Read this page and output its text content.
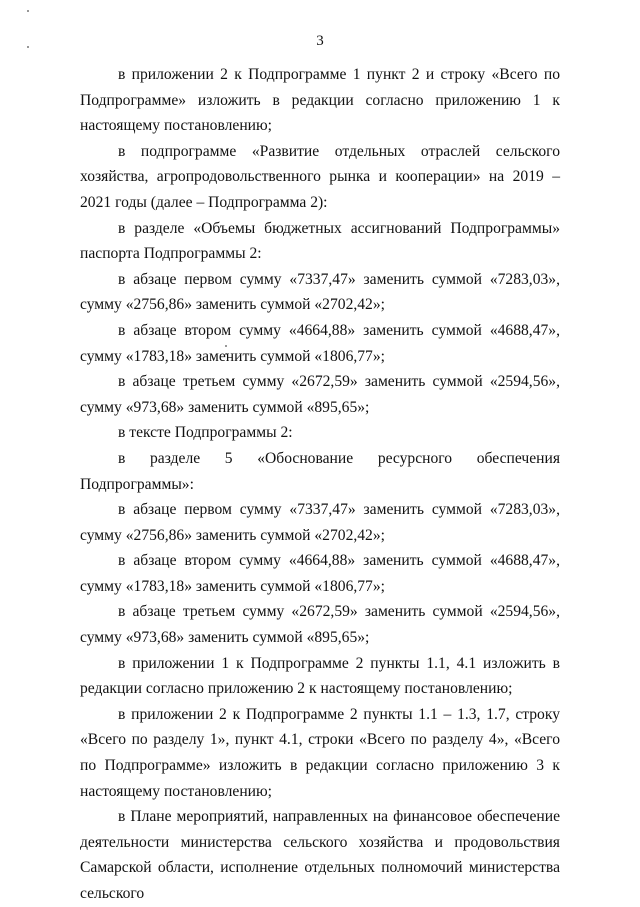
3

в приложении 2 к Подпрограмме 1 пункт 2 и строку «Всего по Подпрограмме» изложить в редакции согласно приложению 1 к настоящему постановлению;

в подпрограмме «Развитие отдельных отраслей сельского хозяйства, агропродовольственного рынка и кооперации» на 2019 – 2021 годы (далее – Подпрограмма 2):

в разделе «Объемы бюджетных ассигнований Подпрограммы» паспорта Подпрограммы 2:

в абзаце первом сумму «7337,47» заменить суммой «7283,03», сумму «2756,86» заменить суммой «2702,42»;

в абзаце втором сумму «4664,88» заменить суммой «4688,47», сумму «1783,18» заменить суммой «1806,77»;

в абзаце третьем сумму «2672,59» заменить суммой «2594,56», сумму «973,68» заменить суммой «895,65»;

в тексте Подпрограммы 2:

в разделе 5 «Обоснование ресурсного обеспечения Подпрограммы»:

в абзаце первом сумму «7337,47» заменить суммой «7283,03», сумму «2756,86» заменить суммой «2702,42»;

в абзаце втором сумму «4664,88» заменить суммой «4688,47», сумму «1783,18» заменить суммой «1806,77»;

в абзаце третьем сумму «2672,59» заменить суммой «2594,56», сумму «973,68» заменить суммой «895,65»;

в приложении 1 к Подпрограмме 2 пункты 1.1, 4.1 изложить в редакции согласно приложению 2 к настоящему постановлению;

в приложении 2 к Подпрограмме 2 пункты 1.1 – 1.3, 1.7, строку «Всего по разделу 1», пункт 4.1, строки «Всего по разделу 4», «Всего по Подпрограмме» изложить в редакции согласно приложению 3 к настоящему постановлению;

в Плане мероприятий, направленных на финансовое обеспечение деятельности министерства сельского хозяйства и продовольствия Самарской области, исполнение отдельных полномочий министерства сельского
